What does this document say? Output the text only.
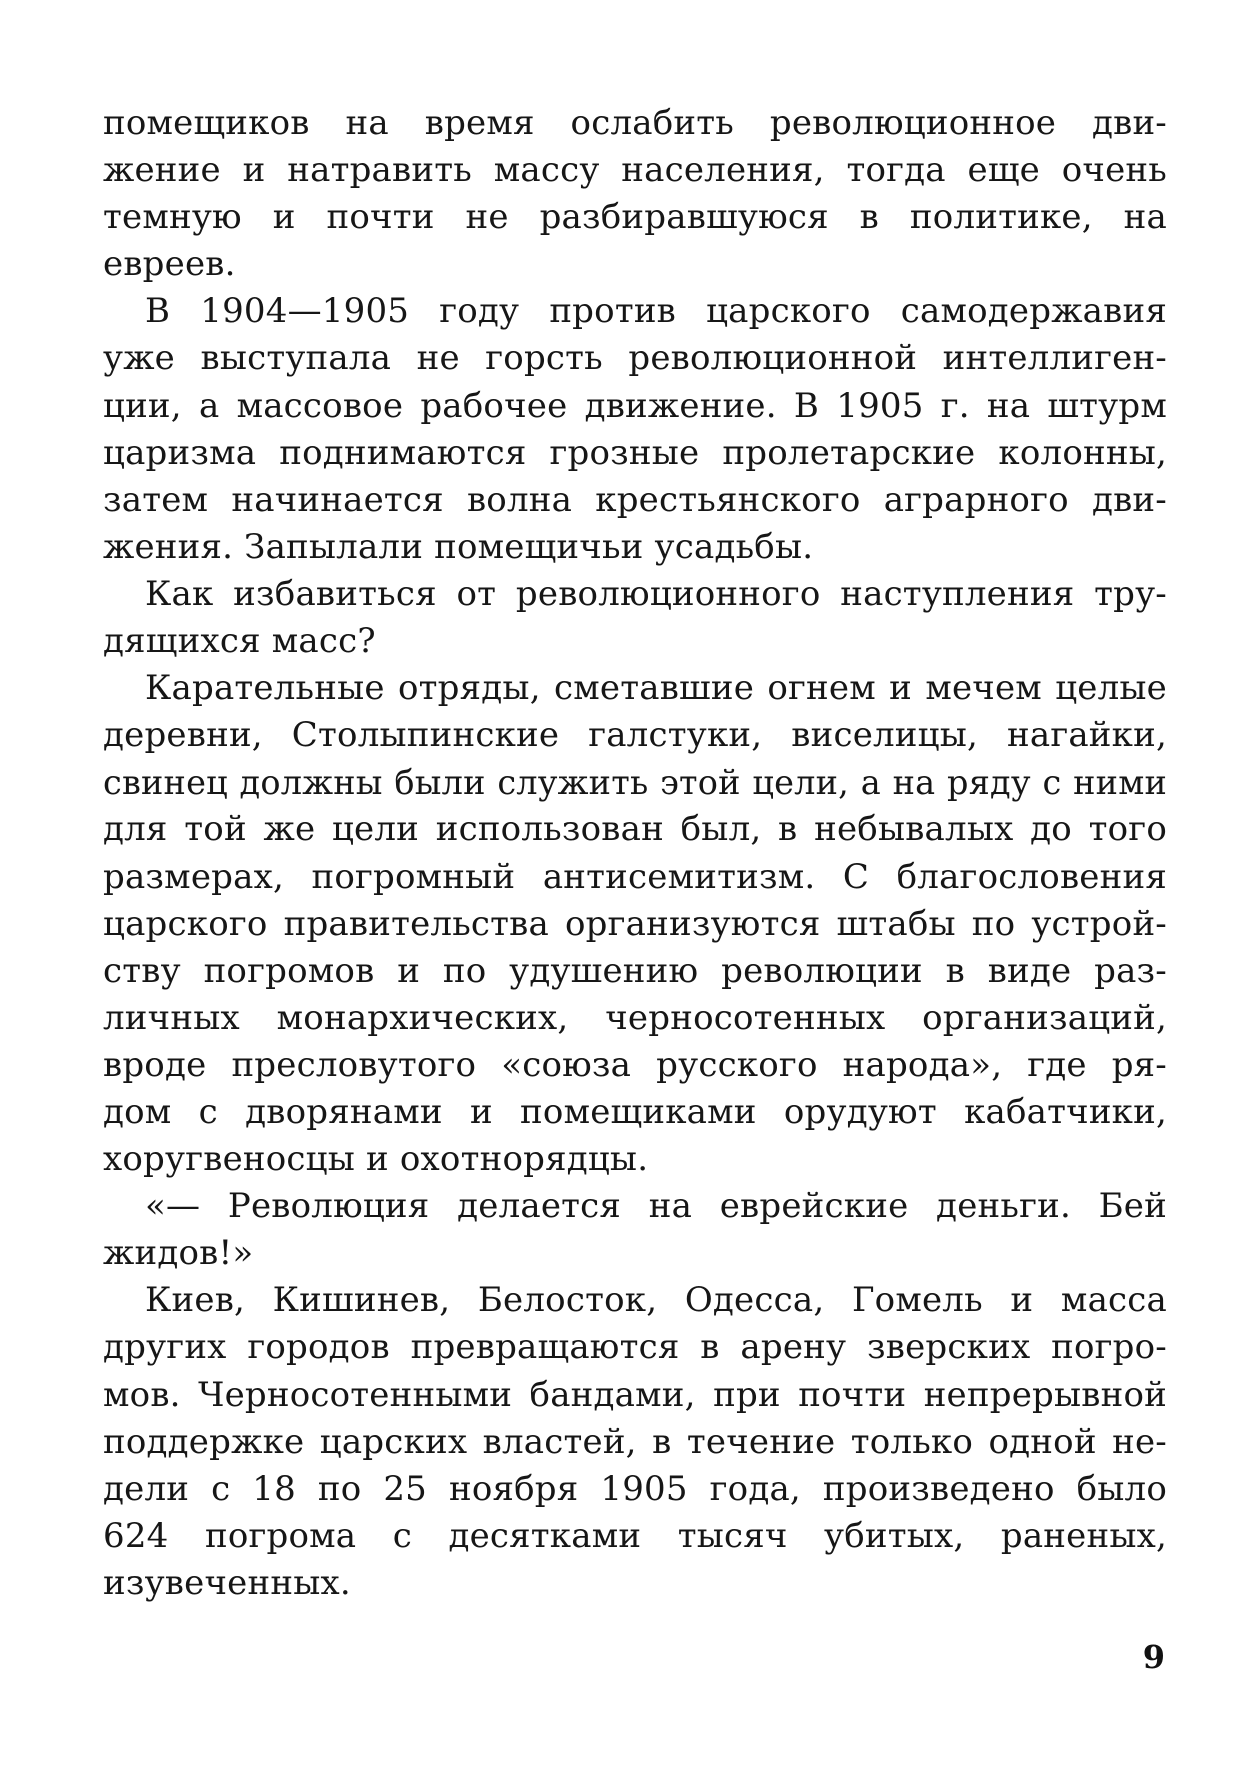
помещиков на время ослабить революционное дви-
жение и натравить массу населения, тогда еще очень
темную и почти не разбиравшуюся в политике, на
евреев.
В 1904—1905 году против царского самодержавия
уже выступала не горсть революционной интеллиген-
ции, а массовое рабочее движение. В 1905 г. на штурм
царизма поднимаются грозные пролетарские колонны,
затем начинается волна крестьянского аграрного дви-
жения. Запылали помещичьи усадьбы.
Как избавиться от революционного наступления тру-
дящихся масс?
Карательные отряды, сметавшие огнем и мечем целые
деревни, Столыпинские галстуки, виселицы, нагайки,
свинец должны были служить этой цели, а на ряду с ними
для той же цели использован был, в небывалых до того
размерах, погромный антисемитизм. С благословения
царского правительства организуются штабы по устрой-
ству погромов и по удушению революции в виде раз-
личных монархических, черносотенных организаций,
вроде пресловутого «союза русского народа», где ря-
дом с дворянами и помещиками орудуют кабатчики,
хоругвеносцы и охотнорядцы.
«— Революция делается на еврейские деньги. Бей
жидов!»
Киев, Кишинев, Белосток, Одесса, Гомель и масса
других городов превращаются в арену зверских погро-
мов. Черносотенными бандами, при почти непрерывной
поддержке царских властей, в течение только одной не-
дели с 18 по 25 ноября 1905 года, произведено было
624 погрома с десятками тысяч убитых, раненых,
изувеченных.
9
